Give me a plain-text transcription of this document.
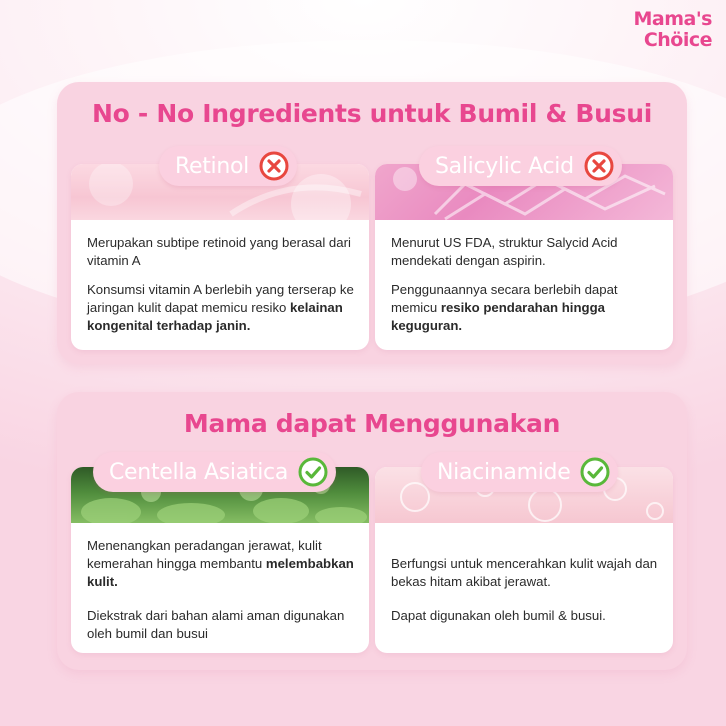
Mama's
Chöice
No - No Ingredients untuk Bumil & Busui

Merupakan subtipe retinoid yang berasal dari vitamin A

Konsumsi vitamin A berlebih yang terserap ke jaringan kulit dapat memicu resiko kelainan kongenital terhadap janin.

Menurut US FDA, struktur Salycid Acid mendekati dengan aspirin.

Penggunaannya secara berlebih dapat memicu resiko pendarahan hingga keguguran.

Retinol	Salicylic Acid
Mama dapat Menggunakan

Menenangkan peradangan jerawat, kulit kemerahan hingga membantu melembabkan kulit.

Diekstrak dari bahan alami aman digunakan oleh bumil dan busui

Berfungsi untuk mencerahkan kulit wajah dan bekas hitam akibat jerawat.

Dapat digunakan oleh bumil & busui.

Centella Asiatica	Niacinamide
